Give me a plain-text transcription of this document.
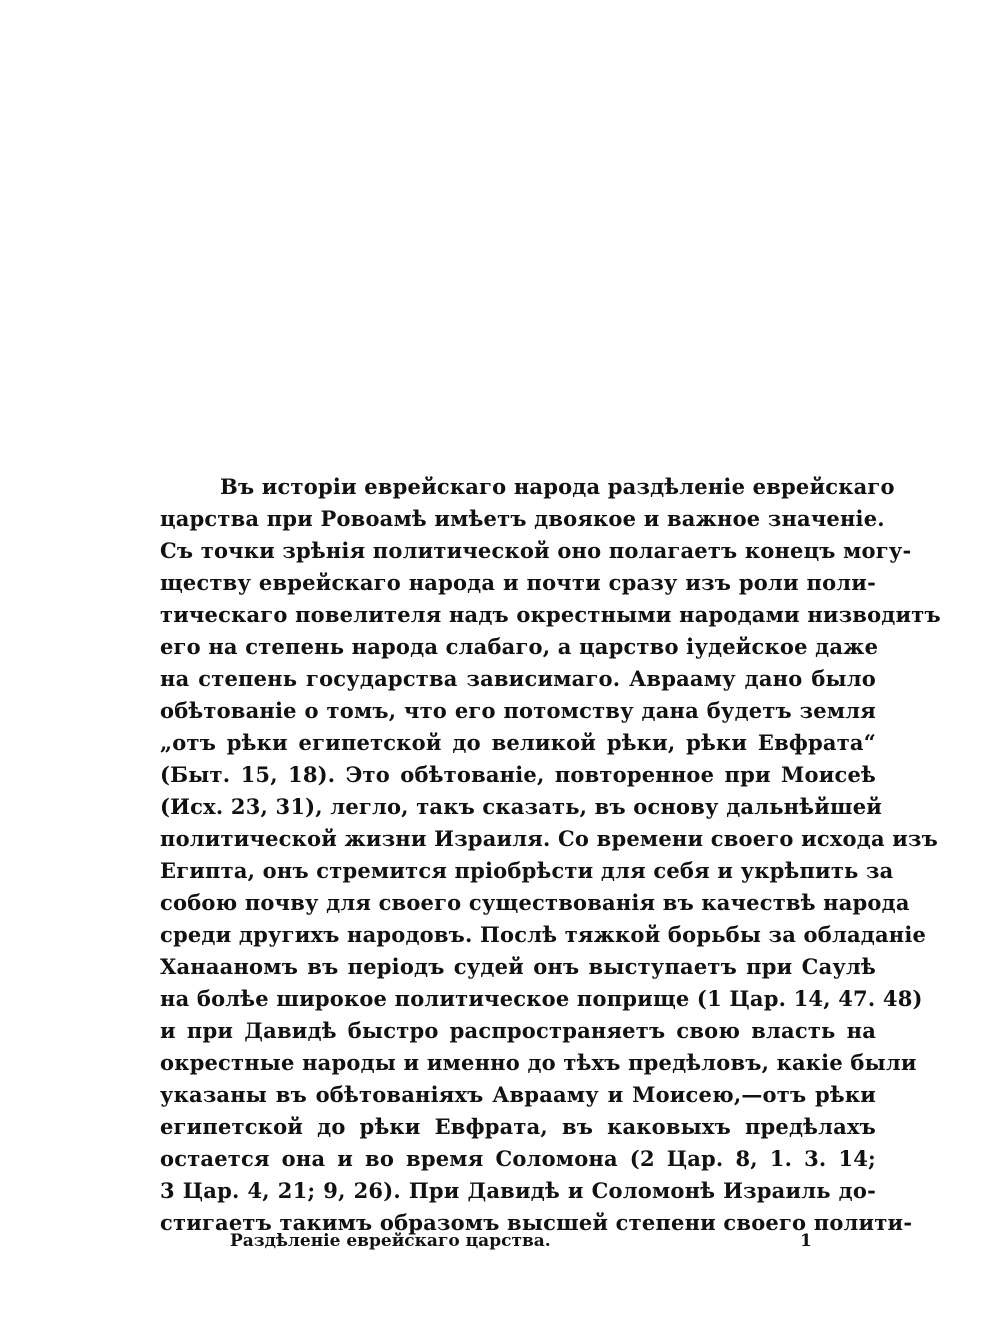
Въ исторіи еврейскаго народа раздѣленіе еврейскаго
царства при Ровоамѣ имѣетъ двоякое и важное значеніе.
Съ точки зрѣнія политической оно полагаетъ конецъ могу-
ществу еврейскаго народа и почти сразу изъ роли поли-
тическаго повелителя надъ окрестными народами низводитъ
его на степень народа слабаго, а царство іудейское даже
на степень государства зависимаго. Аврааму дано было
обѣтованіе о томъ, что его потомству дана будетъ земля
„отъ рѣки египетской до великой рѣки, рѣки Евфрата“
(Быт. 15, 18). Это обѣтованіе, повторенное при Моисеѣ
(Исх. 23, 31), легло, такъ сказать, въ основу дальнѣйшей
политической жизни Израиля. Со времени своего исхода изъ
Египта, онъ стремится пріобрѣсти для себя и укрѣпить за
собою почву для своего существованія въ качествѣ народа
среди другихъ народовъ. Послѣ тяжкой борьбы за обладаніе
Ханааномъ въ періодъ судей онъ выступаетъ при Саулѣ
на болѣе широкое политическое поприще (1 Цар. 14, 47. 48)
и при Давидѣ быстро распространяетъ свою власть на
окрестные народы и именно до тѣхъ предѣловъ, какіе были
указаны въ обѣтованіяхъ Аврааму и Моисею,—отъ рѣки
египетской до рѣки Евфрата, въ каковыхъ предѣлахъ
остается она и во время Соломона (2 Цар. 8, 1. 3. 14;
3 Цар. 4, 21; 9, 26). При Давидѣ и Соломонѣ Израиль до-
стигаетъ такимъ образомъ высшей степени своего полити-
Раздѣленіе еврейскаго царства.	1
